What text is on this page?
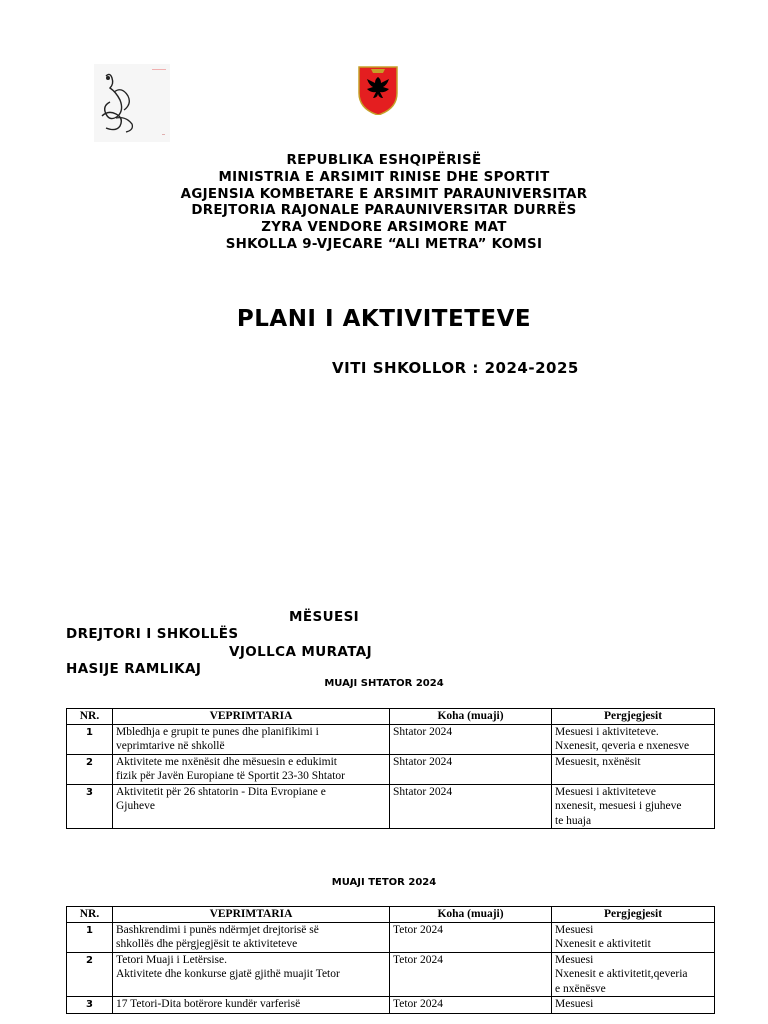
REPUBLIKA ESHQIPËRISË
MINISTRIA E ARSIMIT RINISE DHE SPORTIT
AGJENSIA KOMBETARE E ARSIMIT PARAUNIVERSITAR
DREJTORIA RAJONALE PARAUNIVERSITAR DURRËS
ZYRA VENDORE ARSIMORE MAT
SHKOLLA 9-VJECARE “ALI METRA” KOMSI
PLANI I AKTIVITETEVE
VITI SHKOLLOR : 2024-2025
MËSUESI
DREJTORI I SHKOLLËS
VJOLLCA MURATAJ
HASIJE RAMLIKAJ
MUAJI SHTATOR 2024
NR.	VEPRIMTARIA	Koha (muaji)	Pergjegjesit
1	Mbledhja e grupit te punes dhe planifikimi i
veprimtarive në shkollë	Shtator 2024	Mesuesi i aktiviteteve.
Nxenesit, qeveria e nxenesve

2	Aktivitete me nxënësit dhe mësuesin e edukimit
fizik për Javën Europiane të Sportit 23-30 Shtator	Shtator 2024	Mesuesit, nxënësit

3	Aktivitetit për 26 shtatorin - Dita Evropiane e
Gjuheve	Shtator 2024	Mesuesi i aktiviteteve
nxenesit, mesuesi i gjuheve
te huaja
MUAJI TETOR 2024
NR.	VEPRIMTARIA	Koha (muaji)	Pergjegjesit
1	Bashkrendimi i punës ndërmjet drejtorisë së
shkollës dhe përgjegjësit te aktiviteteve	Tetor 2024	Mesuesi
Nxenesit e aktivitetit

2	Tetori Muaji i Letërsise.
Aktivitete dhe konkurse gjatë gjithë muajit Tetor	Tetor 2024	Mesuesi
Nxenesit e aktivitetit,qeveria
e nxënësve

3	17 Tetori-Dita botërore kundër varferisë	Tetor 2024	Mesuesi
